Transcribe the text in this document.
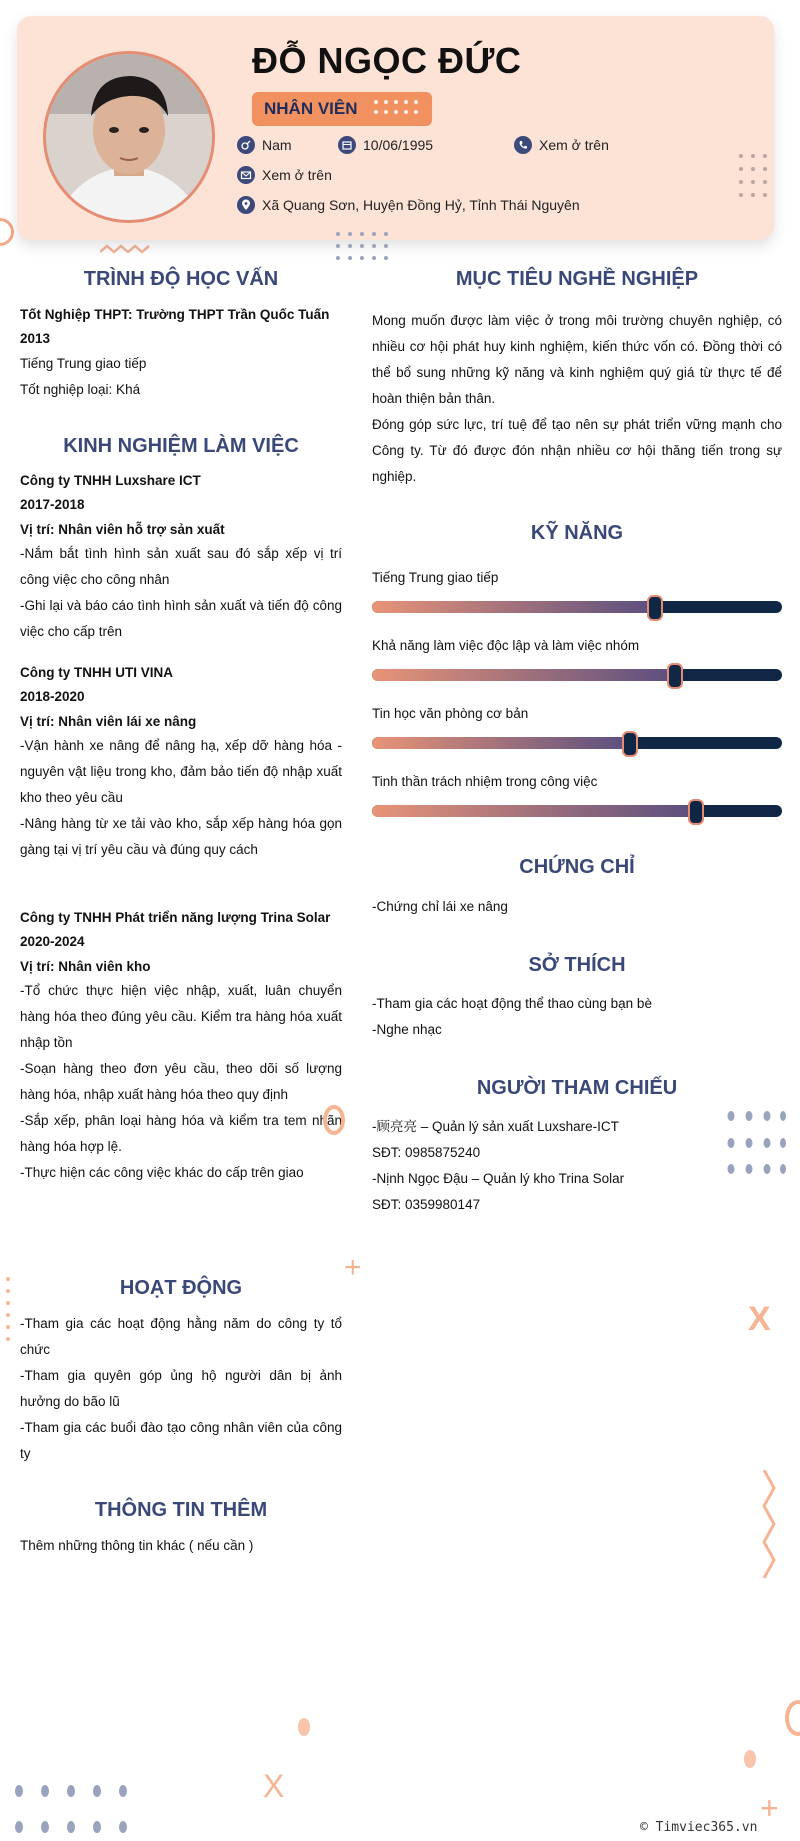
ĐỖ NGỌC ĐỨC
NHÂN VIÊN
Nam	10/06/1995	Xem ở trên
Xem ở trên
Xã Quang Sơn, Huyện Đồng Hỷ, Tỉnh Thái Nguyên
TRÌNH ĐỘ HỌC VẤN
Tốt Nghiệp THPT: Trường THPT Trần Quốc Tuấn
2013
Tiếng Trung giao tiếp
Tốt nghiệp loại: Khá
KINH NGHIỆM LÀM VIỆC
Công ty TNHH Luxshare ICT
2017-2018
Vị trí: Nhân viên hỗ trợ sản xuất
-Nắm bắt tình hình sản xuất sau đó sắp xếp vị trí công việc cho công nhân
-Ghi lại và báo cáo tình hình sản xuất và tiến độ công việc cho cấp trên
Công ty TNHH UTI VINA
2018-2020
Vị trí: Nhân viên lái xe nâng
-Vận hành xe nâng để nâng hạ, xếp dỡ hàng hóa - nguyên vật liệu trong kho, đảm bảo tiến độ nhập xuất kho theo yêu cầu
-Nâng hàng từ xe tải vào kho, sắp xếp hàng hóa gọn gàng tại vị trí yêu cầu và đúng quy cách
Công ty TNHH Phát triển năng lượng Trina Solar
2020-2024
Vị trí: Nhân viên kho
-Tổ chức thực hiện việc nhập, xuất, luân chuyển hàng hóa theo đúng yêu cầu. Kiểm tra hàng hóa xuất nhập tồn
-Soạn hàng theo đơn yêu cầu, theo dõi số lượng hàng hóa, nhập xuất hàng hóa theo quy định
-Sắp xếp, phân loại hàng hóa và kiểm tra tem nhãn hàng hóa hợp lệ.
-Thực hiện các công việc khác do cấp trên giao
HOẠT ĐỘNG
-Tham gia các hoạt động hằng năm do công ty tổ chức
-Tham gia quyên góp ủng hộ người dân bị ảnh hưởng do bão lũ
-Tham gia các buổi đào tạo công nhân viên của công ty
THÔNG TIN THÊM
Thêm những thông tin khác ( nếu cần )
MỤC TIÊU NGHỀ NGHIỆP
Mong muốn được làm việc ở trong môi trường chuyên nghiệp, có nhiều cơ hội phát huy kinh nghiệm, kiến thức vốn có. Đồng thời có thể bổ sung những kỹ năng và kinh nghiệm quý giá từ thực tế để hoàn thiện bản thân.
Đóng góp sức lực, trí tuệ để tạo nên sự phát triển vững mạnh cho Công ty. Từ đó được đón nhận nhiều cơ hội thăng tiến trong sự nghiệp.
KỸ NĂNG
Tiếng Trung giao tiếp
Khả năng làm việc độc lập và làm việc nhóm
Tin học văn phòng cơ bản
Tinh thần trách nhiệm trong công việc
CHỨNG CHỈ
-Chứng chỉ lái xe nâng
SỞ THÍCH
-Tham gia các hoạt động thể thao cùng bạn bè
-Nghe nhạc
NGƯỜI THAM CHIẾU
-顾亮亮 – Quản lý sản xuất Luxshare-ICT
SĐT: 0985875240
-Nịnh Ngọc Đậu – Quản lý kho Trina Solar
SĐT: 0359980147
+
X
X
+
© Timviec365.vn
